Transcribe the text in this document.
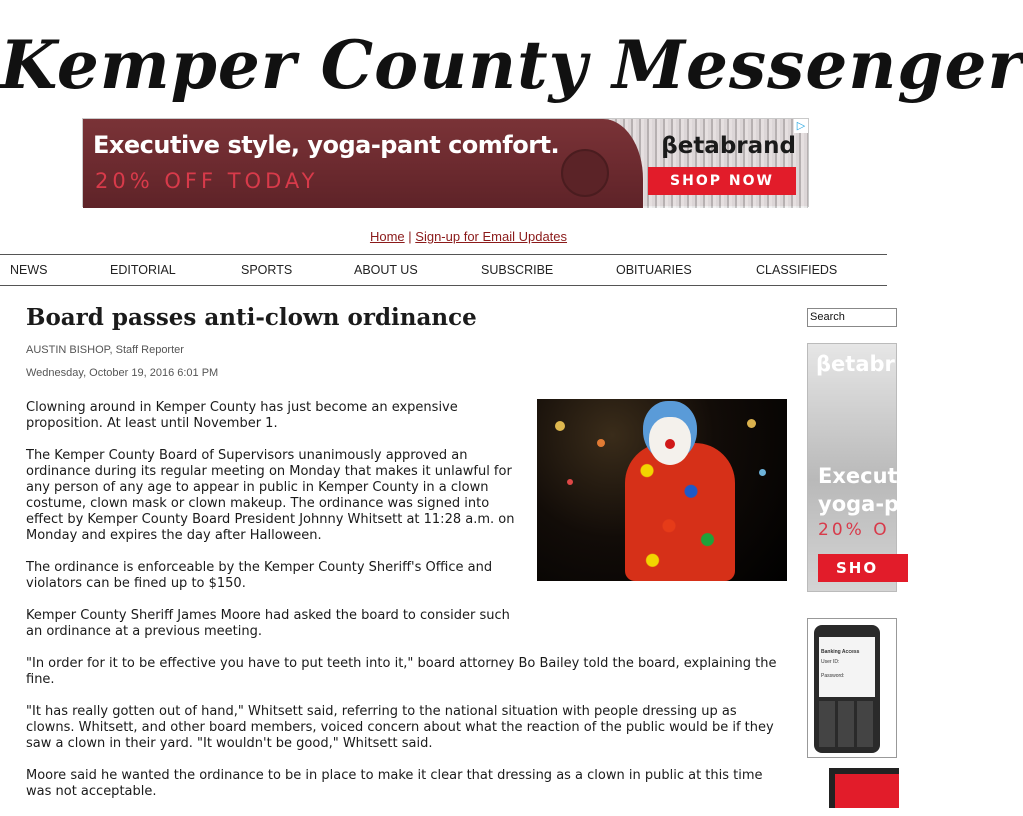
Kemper County Messenger
Executive style, yoga-pant comfort.
20% OFF TODAY
βetabrand
SHOP NOW
▷
Home | Sign-up for Email Updates
NEWS	EDITORIAL	SPORTS	ABOUT US	SUBSCRIBE	OBITUARIES	CLASSIFIEDS
Board passes anti-clown ordinance
AUSTIN BISHOP, Staff Reporter
Wednesday, October 19, 2016 6:01 PM

Clowning around in Kemper County has just become an expensive proposition. At least until November 1.

The Kemper County Board of Supervisors unanimously approved an ordinance during its regular meeting on Monday that makes it unlawful for any person of any age to appear in public in Kemper County in a clown costume, clown mask or clown makeup. The ordinance was signed into effect by Kemper County Board President Johnny Whitsett at 11:28 a.m. on Monday and expires the day after Halloween.

The ordinance is enforceable by the Kemper County Sheriff's Office and violators can be fined up to $150.

Kemper County Sheriff James Moore had asked the board to consider such an ordinance at a previous meeting.

"In order for it to be effective you have to put teeth into it," board attorney Bo Bailey told the board, explaining the fine.

"It has really gotten out of hand," Whitsett said, referring to the national situation with people dressing up as clowns. Whitsett, and other board members, voiced concern about what the reaction of the public would be if they saw a clown in their yard. "It wouldn't be good," Whitsett said.

Moore said he wanted the ordinance to be in place to make it clear that dressing as a clown in public at this time was not acceptable.

Search
βetabr
Executi
yoga-pa
20% O
SHO
Banking Access
User ID:
Password:
